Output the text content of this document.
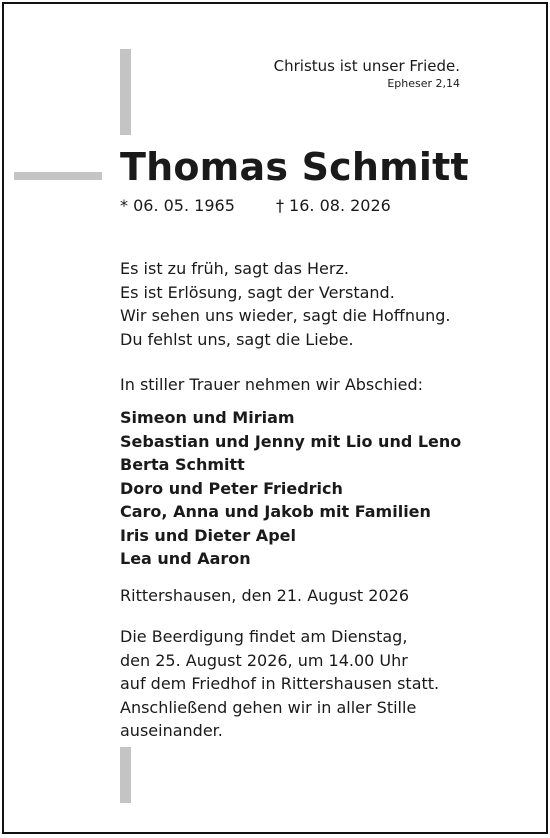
Christus ist unser Friede.
Epheser 2,14
Thomas Schmitt
* 06. 05. 1965	† 16. 08. 2026
Es ist zu früh, sagt das Herz.
Es ist Erlösung, sagt der Verstand.
Wir sehen uns wieder, sagt die Hoffnung.
Du fehlst uns, sagt die Liebe.
In stiller Trauer nehmen wir Abschied:
Simeon und Miriam
Sebastian und Jenny mit Lio und Leno
Berta Schmitt
Doro und Peter Friedrich
Caro, Anna und Jakob mit Familien
Iris und Dieter Apel
Lea und Aaron
Rittershausen, den 21. August 2026
Die Beerdigung findet am Dienstag,
den 25. August 2026, um 14.00 Uhr
auf dem Friedhof in Rittershausen statt.
Anschließend gehen wir in aller Stille
auseinander.
